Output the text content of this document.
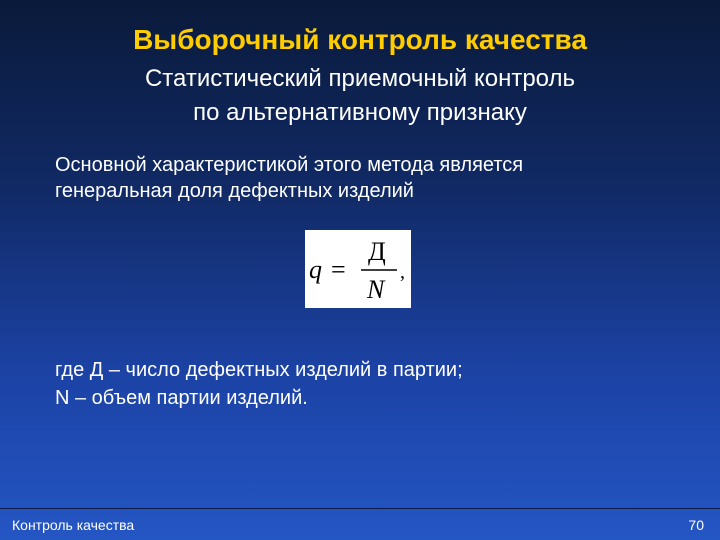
Выборочный контроль качества
Статистический приемочный контроль
по альтернативному признаку
Основной характеристикой этого метода является
генеральная доля дефектных изделий
q =
Д
N
,
где Д – число дефектных изделий в партии;
N – объем партии изделий.
Контроль качества	70
